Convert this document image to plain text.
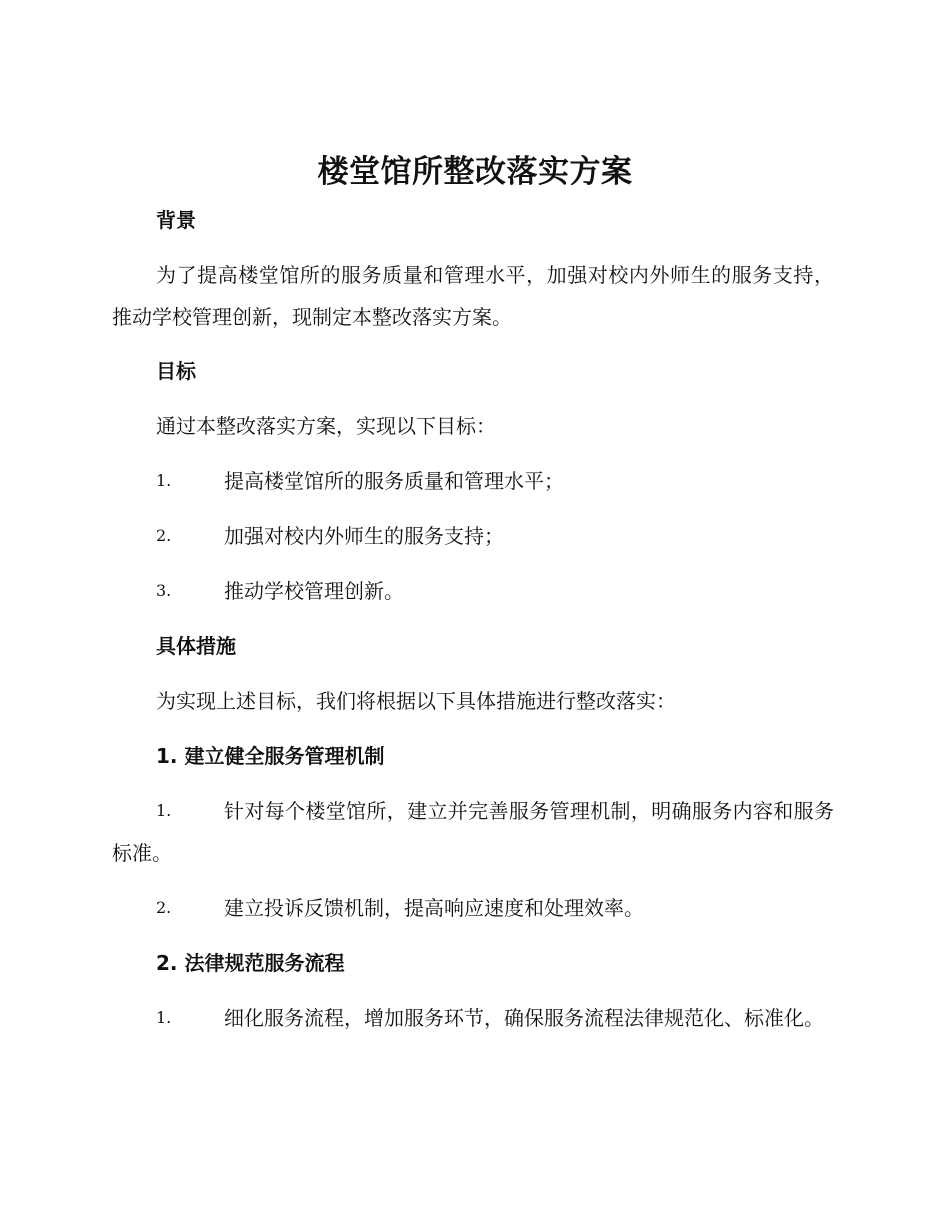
楼堂馆所整改落实方案
背景
为了提高楼堂馆所的服务质量和管理水平，加强对校内外师生的服务支持，推动学校管理创新，现制定本整改落实方案。
目标
通过本整改落实方案，实现以下目标：
1.	提高楼堂馆所的服务质量和管理水平；
2.	加强对校内外师生的服务支持；
3.	推动学校管理创新。
具体措施
为实现上述目标，我们将根据以下具体措施进行整改落实：
1. 建立健全服务管理机制
1.	针对每个楼堂馆所，建立并完善服务管理机制，明确服务内容和服务标准。
2.	建立投诉反馈机制，提高响应速度和处理效率。
2. 法律规范服务流程
1.	细化服务流程，增加服务环节，确保服务流程法律规范化、标准化。
